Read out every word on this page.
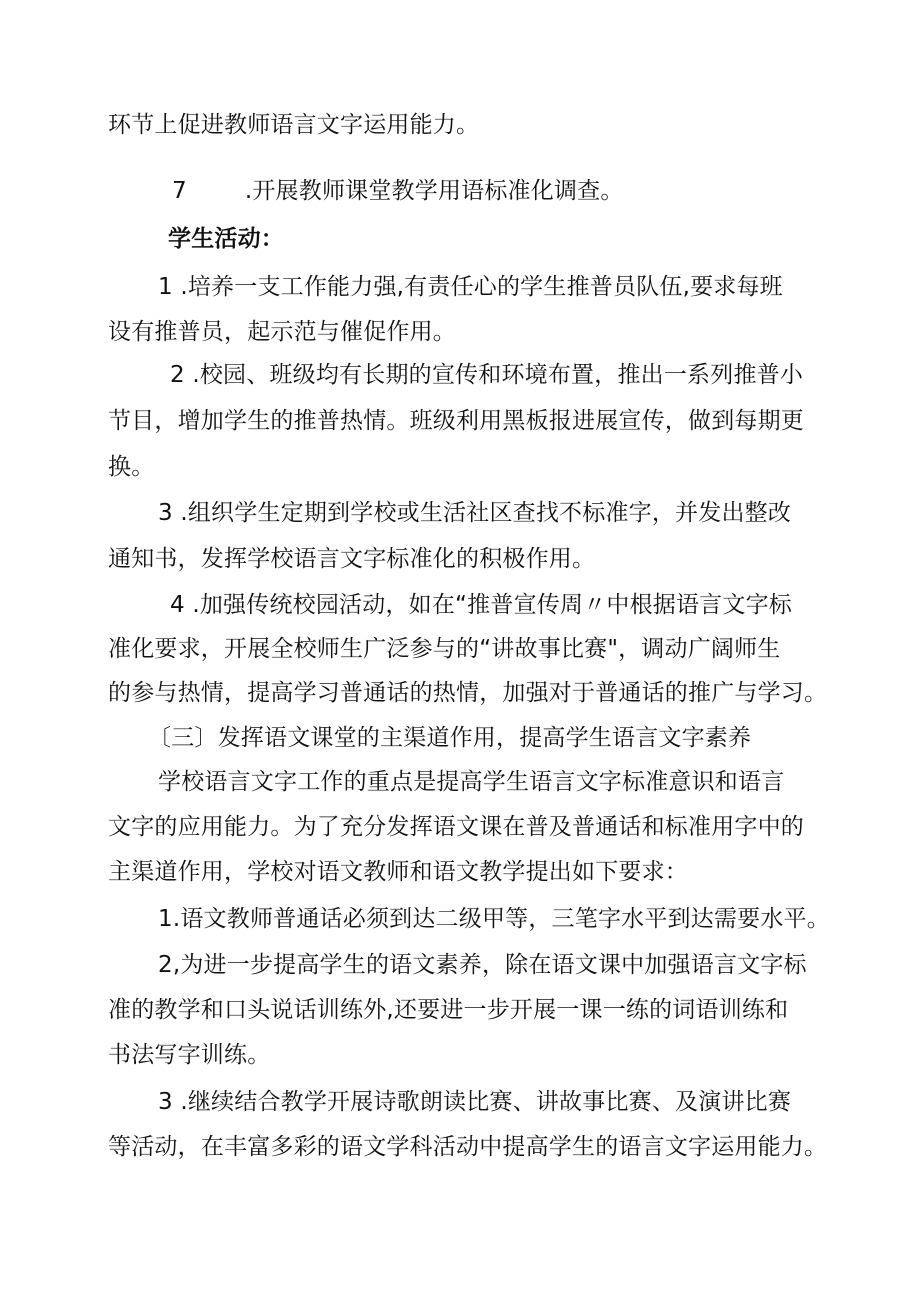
环节上促进教师语言文字运用能力。
7	.开展教师课堂教学用语标准化调查。
学生活动：
1 .培养一支工作能力强,有责任心的学生推普员队伍,要求每班
设有推普员，起示范与催促作用。
2 .校园、班级均有长期的宣传和环境布置，推出一系列推普小
节目，增加学生的推普热情。班级利用黑板报进展宣传，做到每期更
换。
3 .组织学生定期到学校或生活社区查找不标准字，并发出整改
通知书，发挥学校语言文字标准化的积极作用。
4 .加强传统校园活动，如在“推普宣传周〃中根据语言文字标
准化要求，开展全校师生广泛参与的“讲故事比赛"，调动广阔师生
的参与热情，提高学习普通话的热情，加强对于普通话的推广与学习。
〔三〕发挥语文课堂的主渠道作用，提高学生语言文字素养
学校语言文字工作的重点是提高学生语言文字标准意识和语言
文字的应用能力。为了充分发挥语文课在普及普通话和标准用字中的
主渠道作用，学校对语文教师和语文教学提出如下要求：
1.语文教师普通话必须到达二级甲等，三笔字水平到达需要水平。
2,为进一步提高学生的语文素养，除在语文课中加强语言文字标
准的教学和口头说话训练外,还要进一步开展一课一练的词语训练和
书法写字训练。
3 .继续结合教学开展诗歌朗读比赛、讲故事比赛、及演讲比赛
等活动，在丰富多彩的语文学科活动中提高学生的语言文字运用能力。
